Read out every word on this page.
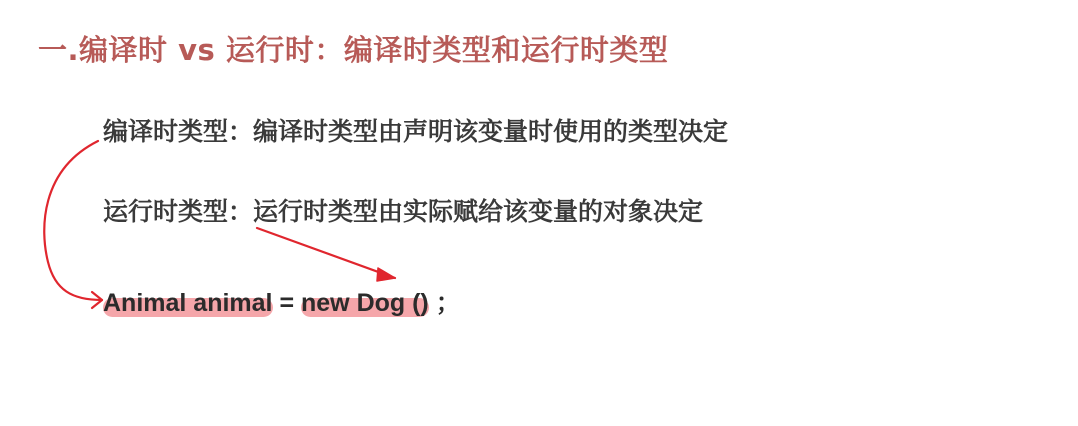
一.编译时 vs 运行时：编译时类型和运行时类型
编译时类型：编译时类型由声明该变量时使用的类型决定
运行时类型：运行时类型由实际赋给该变量的对象决定
Animal animal = new Dog () ；
